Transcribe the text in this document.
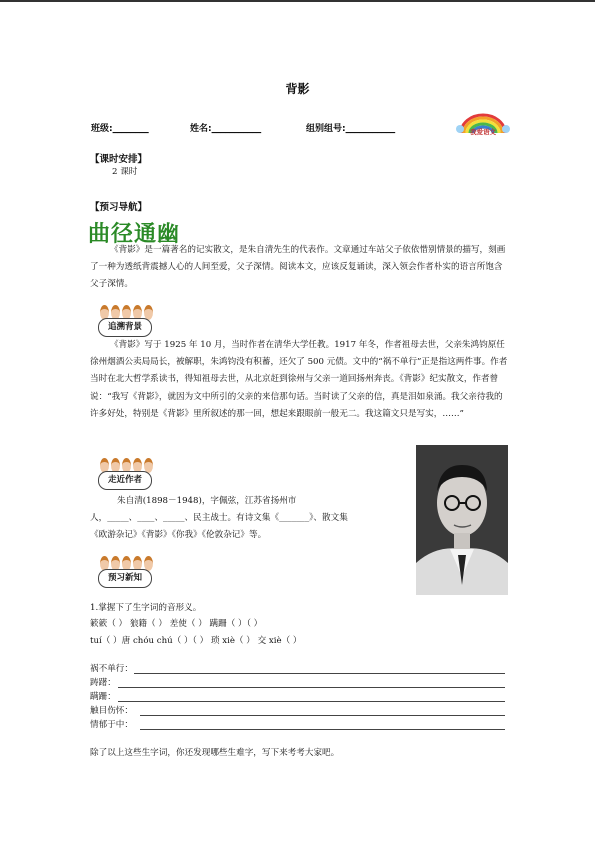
背影
班级:________	姓名:___________	组别组号:___________	我爱语文
【课时安排】
2 课时
【预习导航】
曲径通幽
《背影》是一篇著名的记实散文，是朱自清先生的代表作。文章通过车站父子依依惜别情景的描写，刻画了一种为透纸背震撼人心的人间至爱，父子深情。阅读本文，应该反复诵读，深入领会作者朴实的语言所饱含父子深情。
追溯背景
《背影》写于 1925 年 10 月，当时作者在清华大学任教。1917 年冬，作者祖母去世，父亲朱鸿钧原任徐州烟酒公卖局局长，被解职，朱鸿钧没有积蓄，还欠了 500 元债。文中的“祸不单行”正是指这两件事。作者当时在北大哲学系读书，得知祖母去世，从北京赶到徐州与父亲一道回扬州奔丧。《背影》纪实散文，作者曾说：“我写《背影》，就因为文中所引的父亲的来信那句话。当时读了父亲的信，真是泪如泉涌。我父亲待我的许多好处，特别是《背影》里所叙述的那一回，想起来跟眼前一般无二。我这篇文只是写实，……”
走近作者
朱自清(1898－1948)，字佩弦，江苏省扬州市
人，_____、____、_____、民主战士。有诗文集《_______》、散文集
《欧游杂记》《背影》《你我》《伦敦杂记》等。
预习新知
1.掌握下了生字词的音形义。
簌簌（ ） 狼籍（ ） 差使（ ） 蹒跚（ ）（ ）
tuí（ ）唐 chóu chú（ ）（ ） 琐 xiè（ ） 交 xiè（ ）
祸不单行：
踌躇：
蹒跚：
触目伤怀：
情郁于中：
除了以上这些生字词，你还发现哪些生难字，写下来考考大家吧。
